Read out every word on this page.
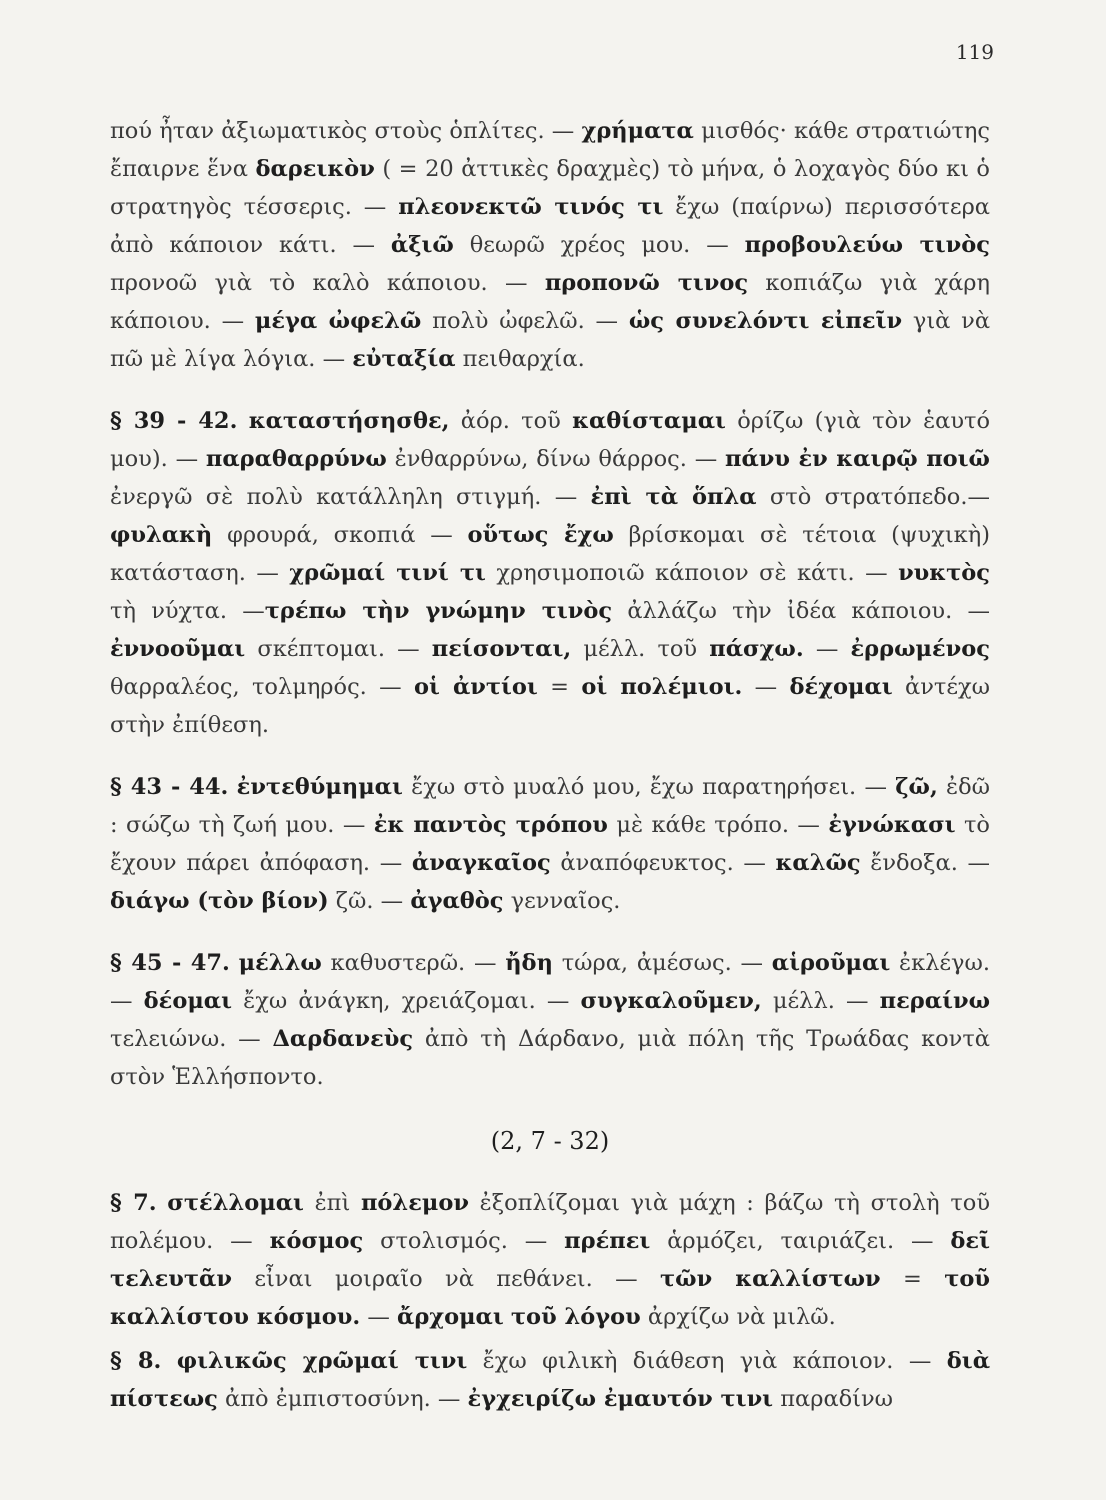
119

πού ἦταν ἀξιωματικὸς στοὺς ὁπλίτες. — χρήματα μισθός· κάθε στρατιώτης ἔπαιρνε ἕνα δαρεικὸν ( = 20 ἀττικὲς δραχμὲς) τὸ μήνα, ὁ λοχαγὸς δύο κι ὁ στρατηγὸς τέσσερις. — πλεονεκτῶ τινός τι ἔχω (παίρνω) περισσότερα ἀπὸ κάποιον κάτι. — ἀξιῶ θεωρῶ χρέος μου. — προβουλεύω τινὸς προνοῶ γιὰ τὸ καλὸ κάποιου. — προπονῶ τινος κοπιάζω γιὰ χάρη κάποιου. — μέγα ὠφελῶ πολὺ ὠφελῶ. — ὡς συνελόντι εἰπεῖν γιὰ νὰ πῶ μὲ λίγα λόγια. — εὐταξία πειθαρχία.

§ 39 - 42. καταστήσησθε, ἀόρ. τοῦ καθίσταμαι ὁρίζω (γιὰ τὸν ἑαυτό μου). — παραθαρρύνω ἐνθαρρύνω, δίνω θάρρος. — πάνυ ἐν καιρῷ ποιῶ ἐνεργῶ σὲ πολὺ κατάλληλη στιγμή. — ἐπὶ τὰ ὅπλα στὸ στρατόπεδο.—φυλακὴ φρουρά, σκοπιά — οὕτως ἔχω βρίσκομαι σὲ τέτοια (ψυχικὴ) κατάσταση. — χρῶμαί τινί τι χρησιμοποιῶ κάποιον σὲ κάτι. — νυκτὸς τὴ νύχτα. —τρέπω τὴν γνώμην τινὸς ἀλλάζω τὴν ἰδέα κάποιου. — ἐννοοῦμαι σκέπτομαι. — πείσονται, μέλλ. τοῦ πάσχω. — ἐρρωμένος θαρραλέος, τολμηρός. — οἱ ἀντίοι = οἱ πολέμιοι. — δέχομαι ἀντέχω στὴν ἐπίθεση.

§ 43 - 44. ἐντεθύμημαι ἔχω στὸ μυαλό μου, ἔχω παρατηρήσει. — ζῶ, ἐδῶ : σώζω τὴ ζωή μου. — ἐκ παντὸς τρόπου μὲ κάθε τρόπο. — ἐγνώκασι τὸ ἔχουν πάρει ἀπόφαση. — ἀναγκαῖος ἀναπόφευκτος. — καλῶς ἔνδοξα. — διάγω (τὸν βίον) ζῶ. — ἀγαθὸς γενναῖος.

§ 45 - 47. μέλλω καθυστερῶ. — ἤδη τώρα, ἀμέσως. — αἱροῦμαι ἐκλέγω. — δέομαι ἔχω ἀνάγκη, χρειάζομαι. — συγκαλοῦμεν, μέλλ. — περαίνω τελειώνω. — Δαρδανεὺς ἀπὸ τὴ Δάρδανο, μιὰ πόλη τῆς Τρωάδας κοντὰ στὸν Ἑλλήσποντο.

(2, 7 - 32)

§ 7. στέλλομαι ἐπὶ πόλεμον ἐξοπλίζομαι γιὰ μάχη : βάζω τὴ στολὴ τοῦ πολέμου. — κόσμος στολισμός. — πρέπει ἁρμόζει, ταιριάζει. — δεῖ τελευτᾶν εἶναι μοιραῖο νὰ πεθάνει. — τῶν καλλίστων = τοῦ καλλίστου κόσμου. — ἄρχομαι τοῦ λόγου ἀρχίζω νὰ μιλῶ.

§ 8. φιλικῶς χρῶμαί τινι ἔχω φιλικὴ διάθεση γιὰ κάποιον. — διὰ πίστεως ἀπὸ ἐμπιστοσύνη. — ἐγχειρίζω ἐμαυτόν τινι παραδίνω
